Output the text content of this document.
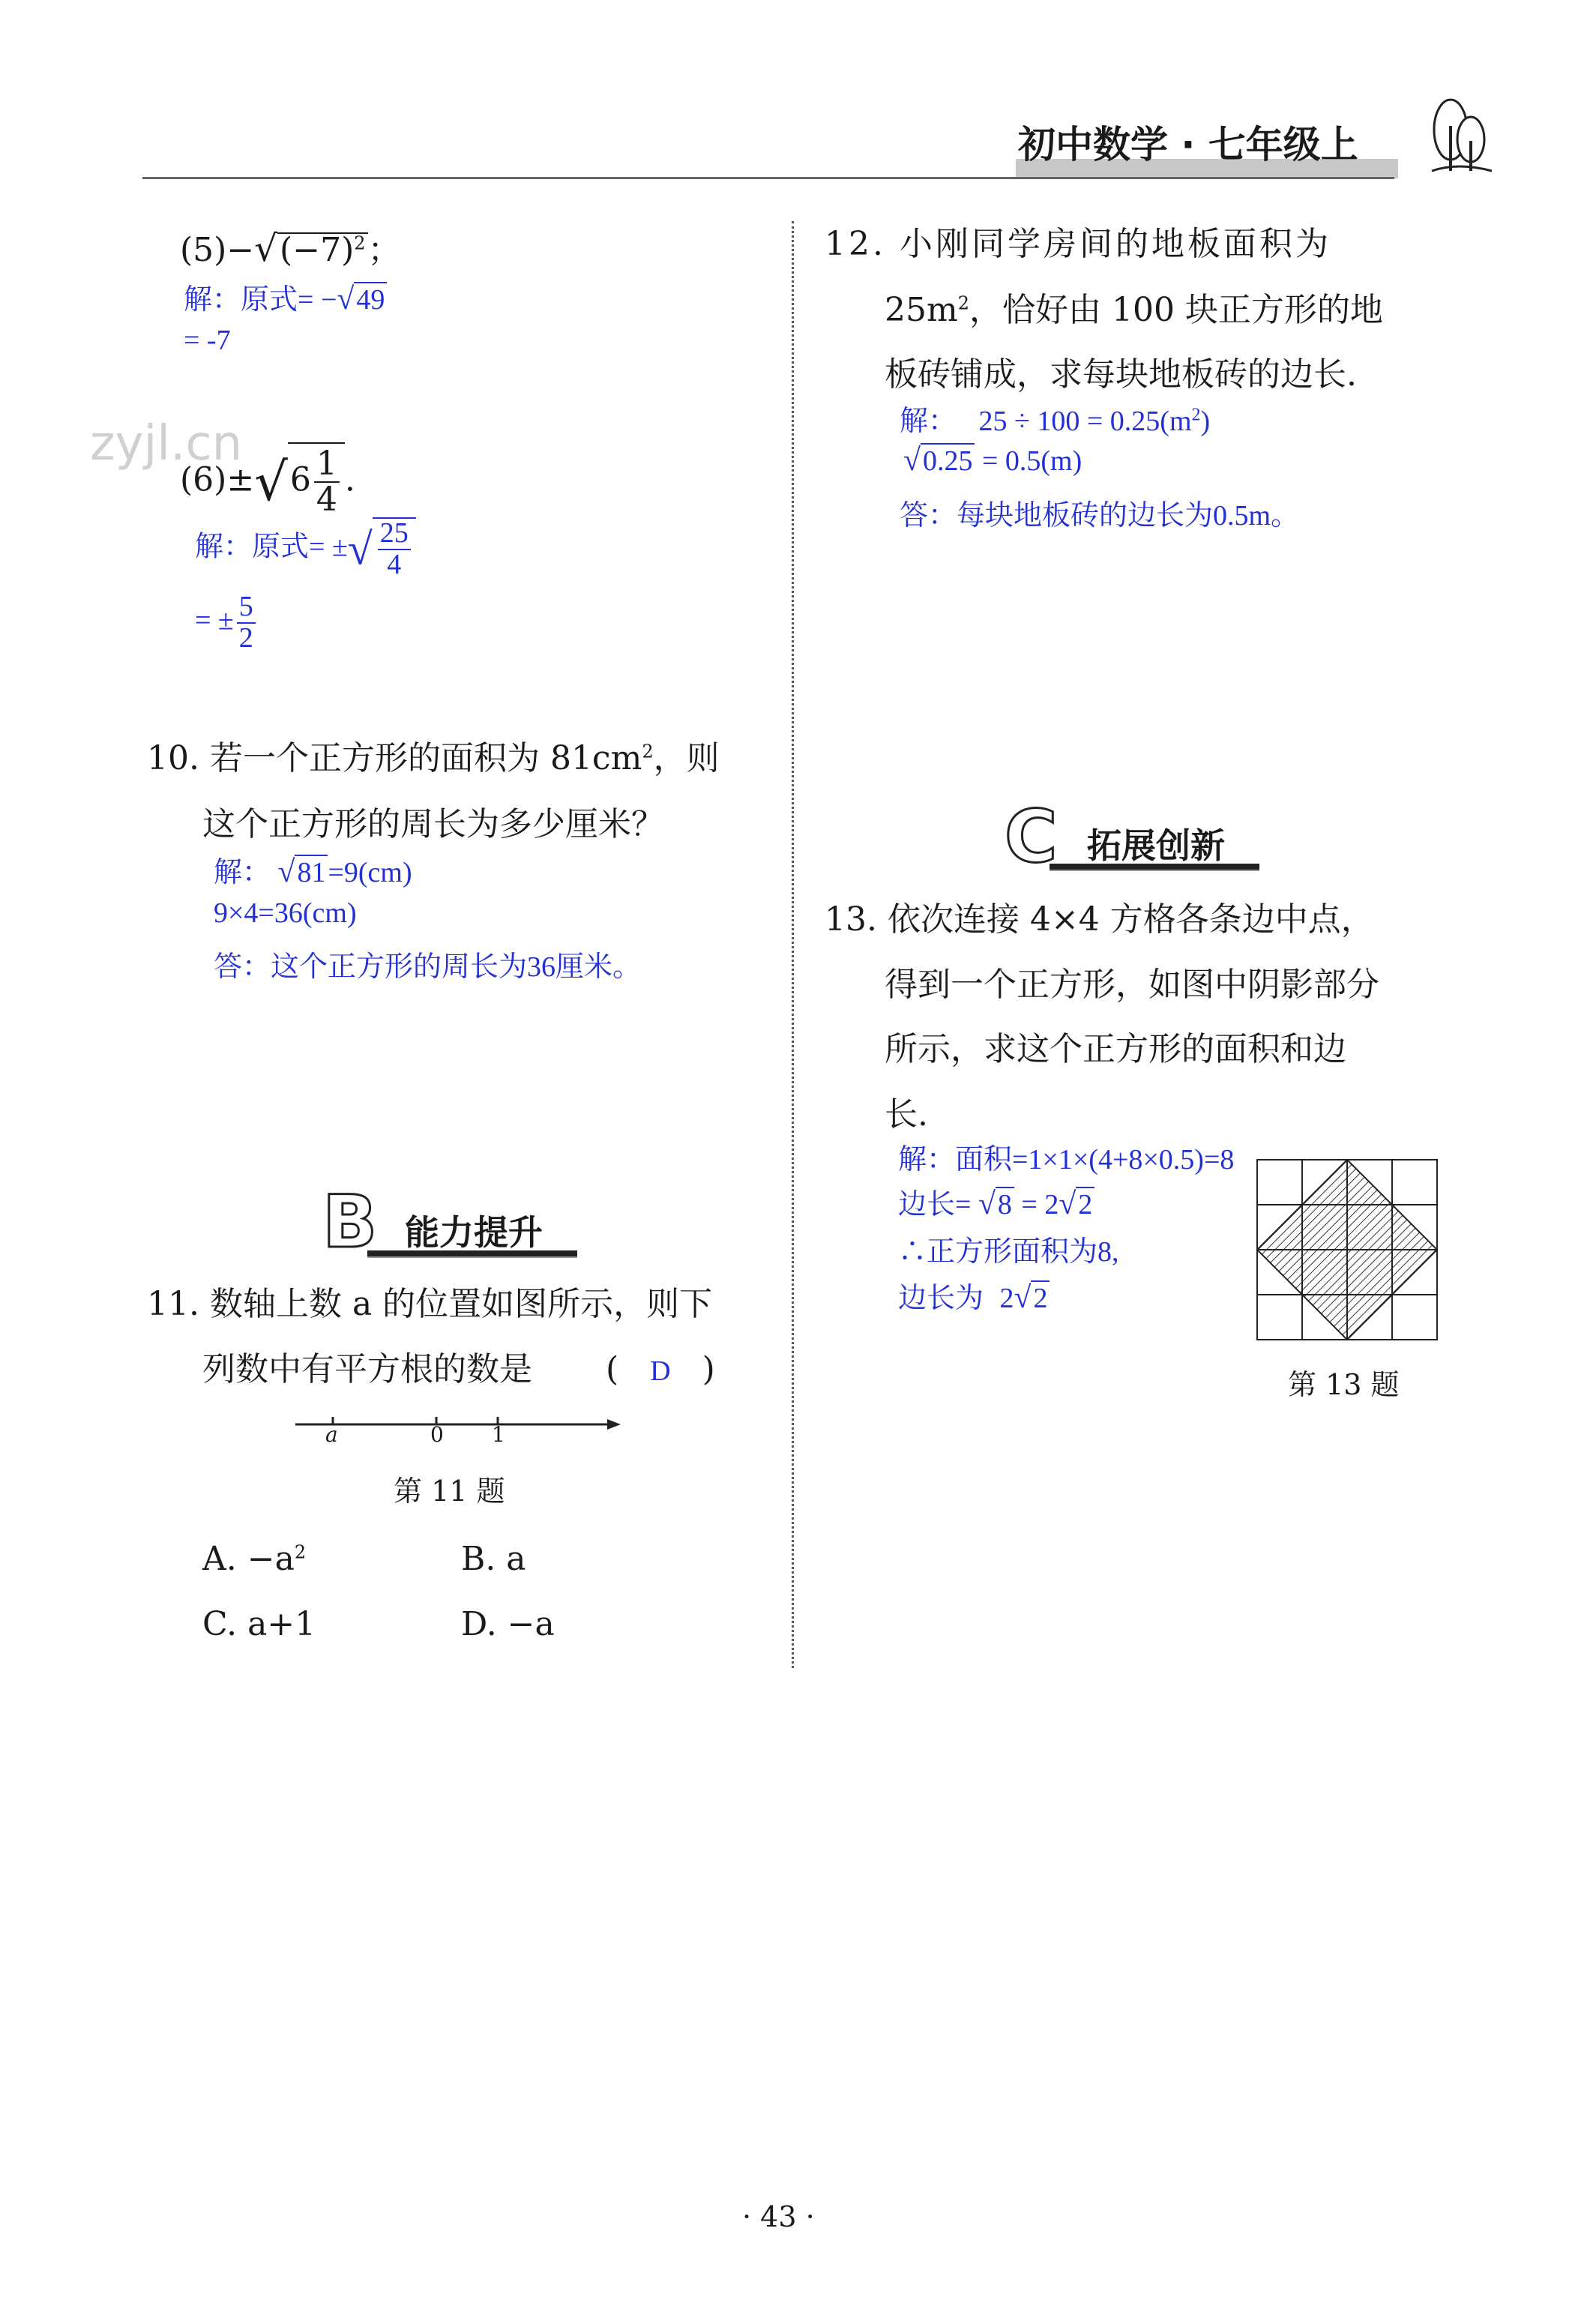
初中数学 · 七年级上
zyjl.cn
$(5)-√(-7)^2$；
解：原式= −√49
= -7
$(6)\pm√6 \frac{1}{4}$ .
解：原式= ±√ $\frac{25}{4}$
= ± $\frac{5}{2}$
10. 若一个正方形的面积为 $81cm^2$，则
这个正方形的周长为多少厘米？
解： √81=9(cm)
9×4=36(cm)
答：这个正方形的周长为36厘米。
B 能力提升
11. 数轴上数 a 的位置如图所示，则下
列数中有平方根的数是 ( D )
a	0 1
第 11 题
A. $-a^2$	B. a
C. a+1	D. −a
12. 小刚同学房间的地板面积为
$25m^2$，恰好由 100 块正方形的地
板砖铺成，求每块地板砖的边长.
解： $25 \div 100 = 0.25(m^2)$
√0.25 = 0.5(m)
答：每块地板砖的边长为0.5m。
C 拓展创新
13. 依次连接 4×4 方格各条边中点，
得到一个正方形，如图中阴影部分
所示，求这个正方形的面积和边
长.
解：面积=1×1×(4+8×0.5)=8
边长= √8 = 2√2
∴正方形面积为8,
边长为 2√2
第 13 题
· 43 ·
